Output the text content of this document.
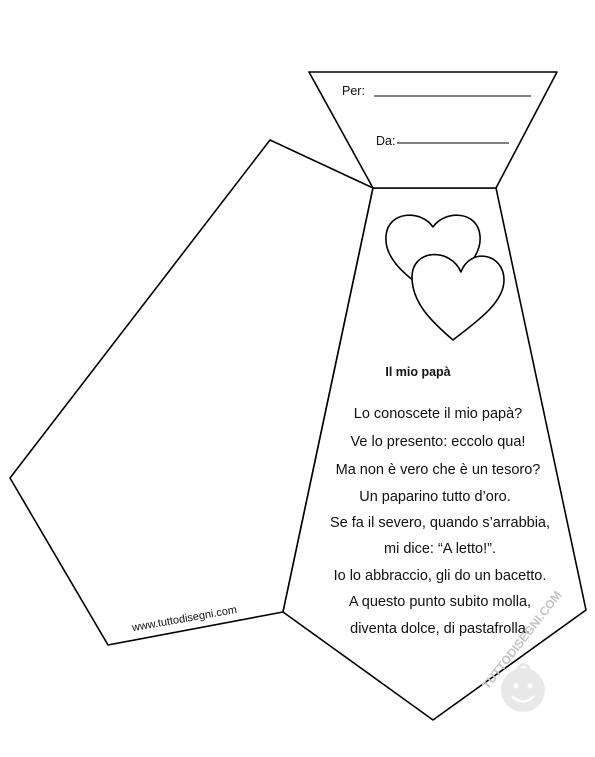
Per:
Da:
Il mio papà
Lo conoscete il mio papà?
Ve lo presento: eccolo qua!
Ma non è vero che è un tesoro?
Un paparino tutto d’oro.
Se fa il severo, quando s’arrabbia,
mi dice: “A letto!”.
Io lo abbraccio, gli do un bacetto.
A questo punto subito molla,
diventa dolce, di pastafrolla.
www.tuttodisegni.com	TUTTODISEGNI.COM
